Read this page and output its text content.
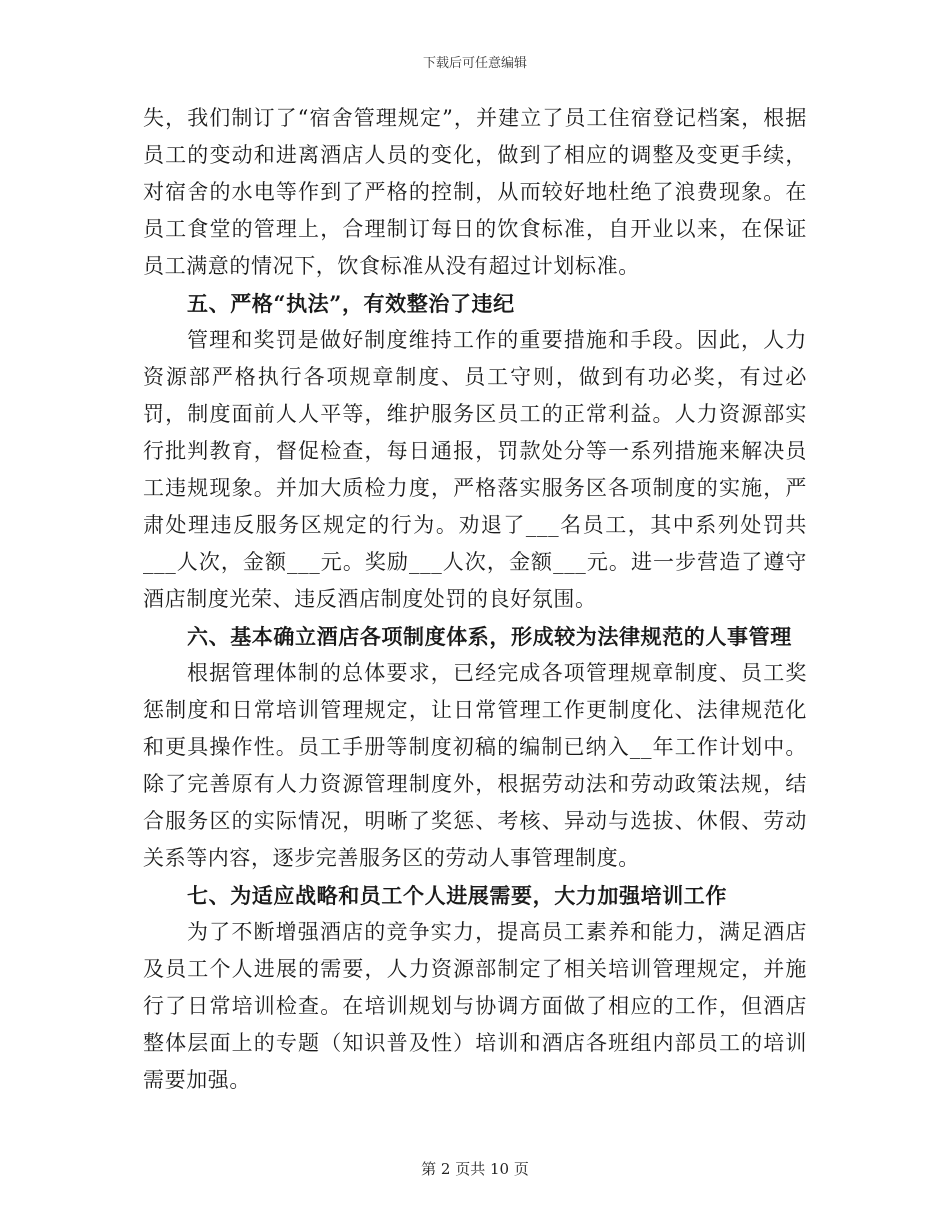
下载后可任意编辑

失，我们制订了“宿舍管理规定”，并建立了员工住宿登记档案，根据员工的变动和进离酒店人员的变化，做到了相应的调整及变更手续，对宿舍的水电等作到了严格的控制，从而较好地杜绝了浪费现象。在员工食堂的管理上，合理制订每日的饮食标准，自开业以来，在保证员工满意的情况下，饮食标准从没有超过计划标准。

五、严格“执法”，有效整治了违纪

管理和奖罚是做好制度维持工作的重要措施和手段。因此，人力资源部严格执行各项规章制度、员工守则，做到有功必奖，有过必罚，制度面前人人平等，维护服务区员工的正常利益。人力资源部实行批判教育，督促检查，每日通报，罚款处分等一系列措施来解决员工违规现象。并加大质检力度，严格落实服务区各项制度的实施，严肃处理违反服务区规定的行为。劝退了___名员工，其中系列处罚共___人次，金额___元。奖励___人次，金额___元。进一步营造了遵守酒店制度光荣、违反酒店制度处罚的良好氛围。

六、基本确立酒店各项制度体系，形成较为法律规范的人事管理

根据管理体制的总体要求，已经完成各项管理规章制度、员工奖惩制度和日常培训管理规定，让日常管理工作更制度化、法律规范化和更具操作性。员工手册等制度初稿的编制已纳入__年工作计划中。除了完善原有人力资源管理制度外，根据劳动法和劳动政策法规，结合服务区的实际情况，明晰了奖惩、考核、异动与选拔、休假、劳动关系等内容，逐步完善服务区的劳动人事管理制度。

七、为适应战略和员工个人进展需要，大力加强培训工作

为了不断增强酒店的竞争实力，提高员工素养和能力，满足酒店及员工个人进展的需要，人力资源部制定了相关培训管理规定，并施行了日常培训检查。在培训规划与协调方面做了相应的工作，但酒店整体层面上的专题（知识普及性）培训和酒店各班组内部员工的培训需要加强。

第 2 页共 10 页
